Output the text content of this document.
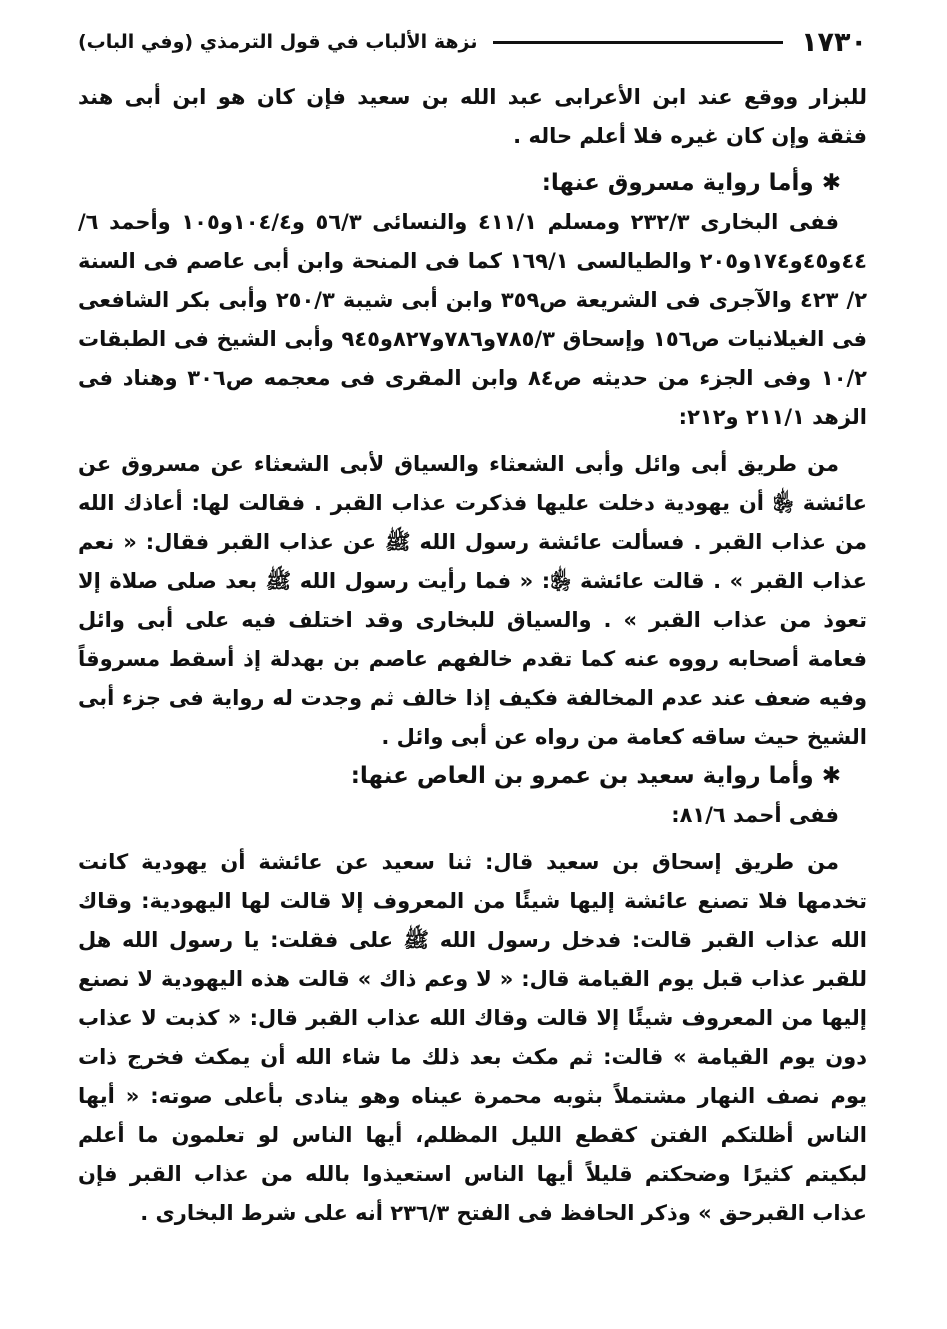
١٧٣٠
نزهة الألباب في قول الترمذي (وفي الباب)

للبزار ووقع عند ابن الأعرابى عبد الله بن سعيد فإن كان هو ابن أبى هند فثقة وإن كان غيره فلا أعلم حاله .

✱وأما رواية مسروق عنها:

ففى البخارى ٢٣٢/٣ ومسلم ٤١١/١ والنسائى ٥٦/٣ و١٠٤/٤و١٠٥ وأحمد ٦/ ٤٤و٤٥و١٧٤و٢٠٥ والطيالسى ١٦٩/١ كما فى المنحة وابن أبى عاصم فى السنة ٢/ ٤٢٣ والآجرى فى الشريعة ص٣٥٩ وابن أبى شيبة ٢٥٠/٣ وأبى بكر الشافعى فى الغيلانيات ص١٥٦ وإسحاق ٧٨٥/٣و٧٨٦و٨٢٧و٩٤٥ وأبى الشيخ فى الطبقات ١٠/٢ وفى الجزء من حديثه ص٨٤ وابن المقرى فى معجمه ص٣٠٦ وهناد فى الزهد ٢١١/١ و٢١٢:

من طريق أبى وائل وأبى الشعثاء والسياق لأبى الشعثاء عن مسروق عن عائشة ﵂ أن يهودية دخلت عليها فذكرت عذاب القبر . فقالت لها: أعاذك الله من عذاب القبر . فسألت عائشة رسول الله ﷺ عن عذاب القبر فقال: « نعم عذاب القبر » . قالت عائشة ﵂: « فما رأيت رسول الله ﷺ بعد صلى صلاة إلا تعوذ من عذاب القبر » . والسياق للبخارى وقد اختلف فيه على أبى وائل فعامة أصحابه رووه عنه كما تقدم خالفهم عاصم بن بهدلة إذ أسقط مسروقاً وفيه ضعف عند عدم المخالفة فكيف إذا خالف ثم وجدت له رواية فى جزء أبى الشيخ حيث ساقه كعامة من رواه عن أبى وائل .

✱وأما رواية سعيد بن عمرو بن العاص عنها:

ففى أحمد ٨١/٦:

من طريق إسحاق بن سعيد قال: ثنا سعيد عن عائشة أن يهودية كانت تخدمها فلا تصنع عائشة إليها شيئًا من المعروف إلا قالت لها اليهودية: وقاك الله عذاب القبر قالت: فدخل رسول الله ﷺ على فقلت: يا رسول الله هل للقبر عذاب قبل يوم القيامة قال: « لا وعم ذاك » قالت هذه اليهودية لا نصنع إليها من المعروف شيئًا إلا قالت وقاك الله عذاب القبر قال: « كذبت لا عذاب دون يوم القيامة » قالت: ثم مكث بعد ذلك ما شاء الله أن يمكث فخرج ذات يوم نصف النهار مشتملاً بثوبه محمرة عيناه وهو ينادى بأعلى صوته: « أيها الناس أظلتكم الفتن كقطع الليل المظلم، أيها الناس لو تعلمون ما أعلم لبكيتم كثيرًا وضحكتم قليلاً أيها الناس استعيذوا بالله من عذاب القبر فإن عذاب القبرحق » وذكر الحافظ فى الفتح ٢٣٦/٣ أنه على شرط البخارى .
